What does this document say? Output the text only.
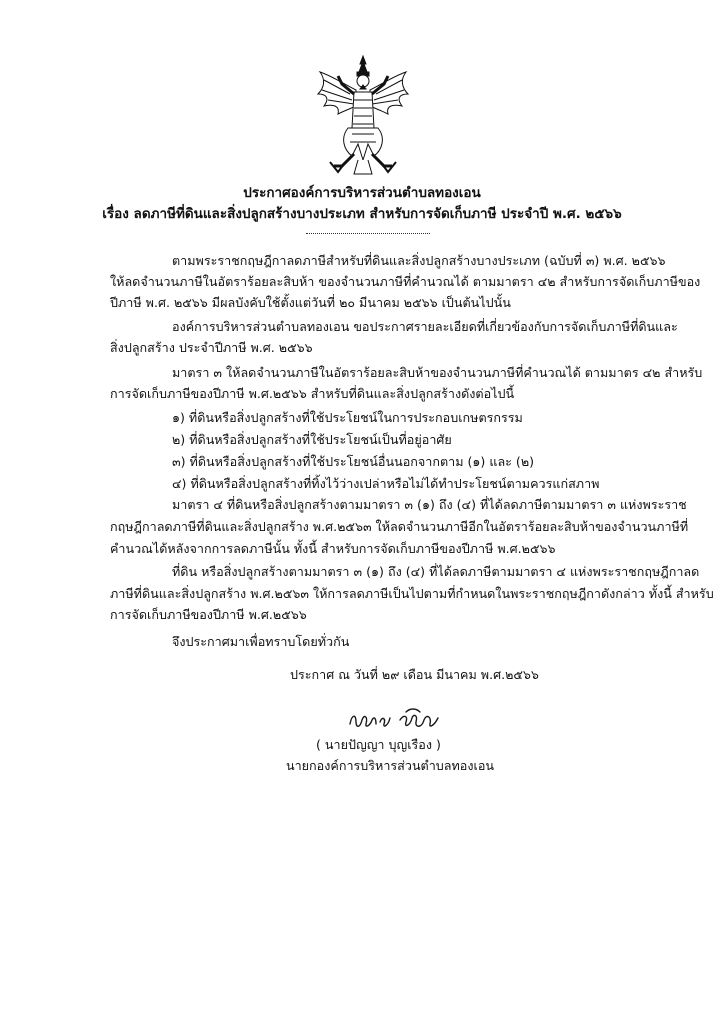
ประกาศองค์การบริหารส่วนตำบลทองเอน
เรื่อง ลดภาษีที่ดินและสิ่งปลูกสร้างบางประเภท สำหรับการจัดเก็บภาษี ประจำปี พ.ศ. ๒๕๖๖
ตามพระราชกฤษฎีกาลดภาษีสำหรับที่ดินและสิ่งปลูกสร้างบางประเภท (ฉบับที่ ๓) พ.ศ. ๒๕๖๖
ให้ลดจำนวนภาษีในอัตราร้อยละสิบห้า ของจำนวนภาษีที่คำนวณได้ ตามมาตรา ๔๒ สำหรับการจัดเก็บภาษีของ
ปีภาษี พ.ศ. ๒๕๖๖ มีผลบังคับใช้ตั้งแต่วันที่ ๒๐ มีนาคม ๒๕๖๖ เป็นต้นไปนั้น
องค์การบริหารส่วนตำบลทองเอน ขอประกาศรายละเอียดที่เกี่ยวข้องกับการจัดเก็บภาษีที่ดินและ
สิ่งปลูกสร้าง ประจำปีภาษี พ.ศ. ๒๕๖๖
มาตรา ๓ ให้ลดจำนวนภาษีในอัตราร้อยละสิบห้าของจำนวนภาษีที่คำนวณได้ ตามมาตร ๔๒ สำหรับ
การจัดเก็บภาษีของปีภาษี พ.ศ.๒๕๖๖ สำหรับที่ดินและสิ่งปลูกสร้างดังต่อไปนี้
๑) ที่ดินหรือสิ่งปลูกสร้างที่ใช้ประโยชน์ในการประกอบเกษตรกรรม
๒) ที่ดินหรือสิ่งปลูกสร้างที่ใช้ประโยชน์เป็นที่อยู่อาศัย
๓) ที่ดินหรือสิ่งปลูกสร้างที่ใช้ประโยชน์อื่นนอกจากตาม (๑) และ (๒)
๔) ที่ดินหรือสิ่งปลูกสร้างที่ทิ้งไว้ว่างเปล่าหรือไม่ได้ทำประโยชน์ตามควรแก่สภาพ
มาตรา ๔ ที่ดินหรือสิ่งปลูกสร้างตามมาตรา ๓ (๑) ถึง (๔) ที่ได้ลดภาษีตามมาตรา ๓ แห่งพระราช
กฤษฎีกาลดภาษีที่ดินและสิ่งปลูกสร้าง พ.ศ.๒๕๖๓ ให้ลดจำนวนภาษีอีกในอัตราร้อยละสิบห้าของจำนวนภาษีที่
คำนวณได้หลังจากการลดภาษีนั้น ทั้งนี้ สำหรับการจัดเก็บภาษีของปีภาษี พ.ศ.๒๕๖๖
ที่ดิน หรือสิ่งปลูกสร้างตามมาตรา ๓ (๑) ถึง (๔) ที่ได้ลดภาษีตามมาตรา ๔ แห่งพระราชกฤษฎีกาลด
ภาษีที่ดินและสิ่งปลูกสร้าง พ.ศ.๒๕๖๓ ให้การลดภาษีเป็นไปตามที่กำหนดในพระราชกฤษฎีกาดังกล่าว ทั้งนี้ สำหรับ
การจัดเก็บภาษีของปีภาษี พ.ศ.๒๕๖๖
จึงประกาศมาเพื่อทราบโดยทั่วกัน
ประกาศ ณ วันที่ ๒๙ เดือน มีนาคม พ.ศ.๒๕๖๖
( นายปัญญา บุญเรือง )
นายกองค์การบริหารส่วนตำบลทองเอน
